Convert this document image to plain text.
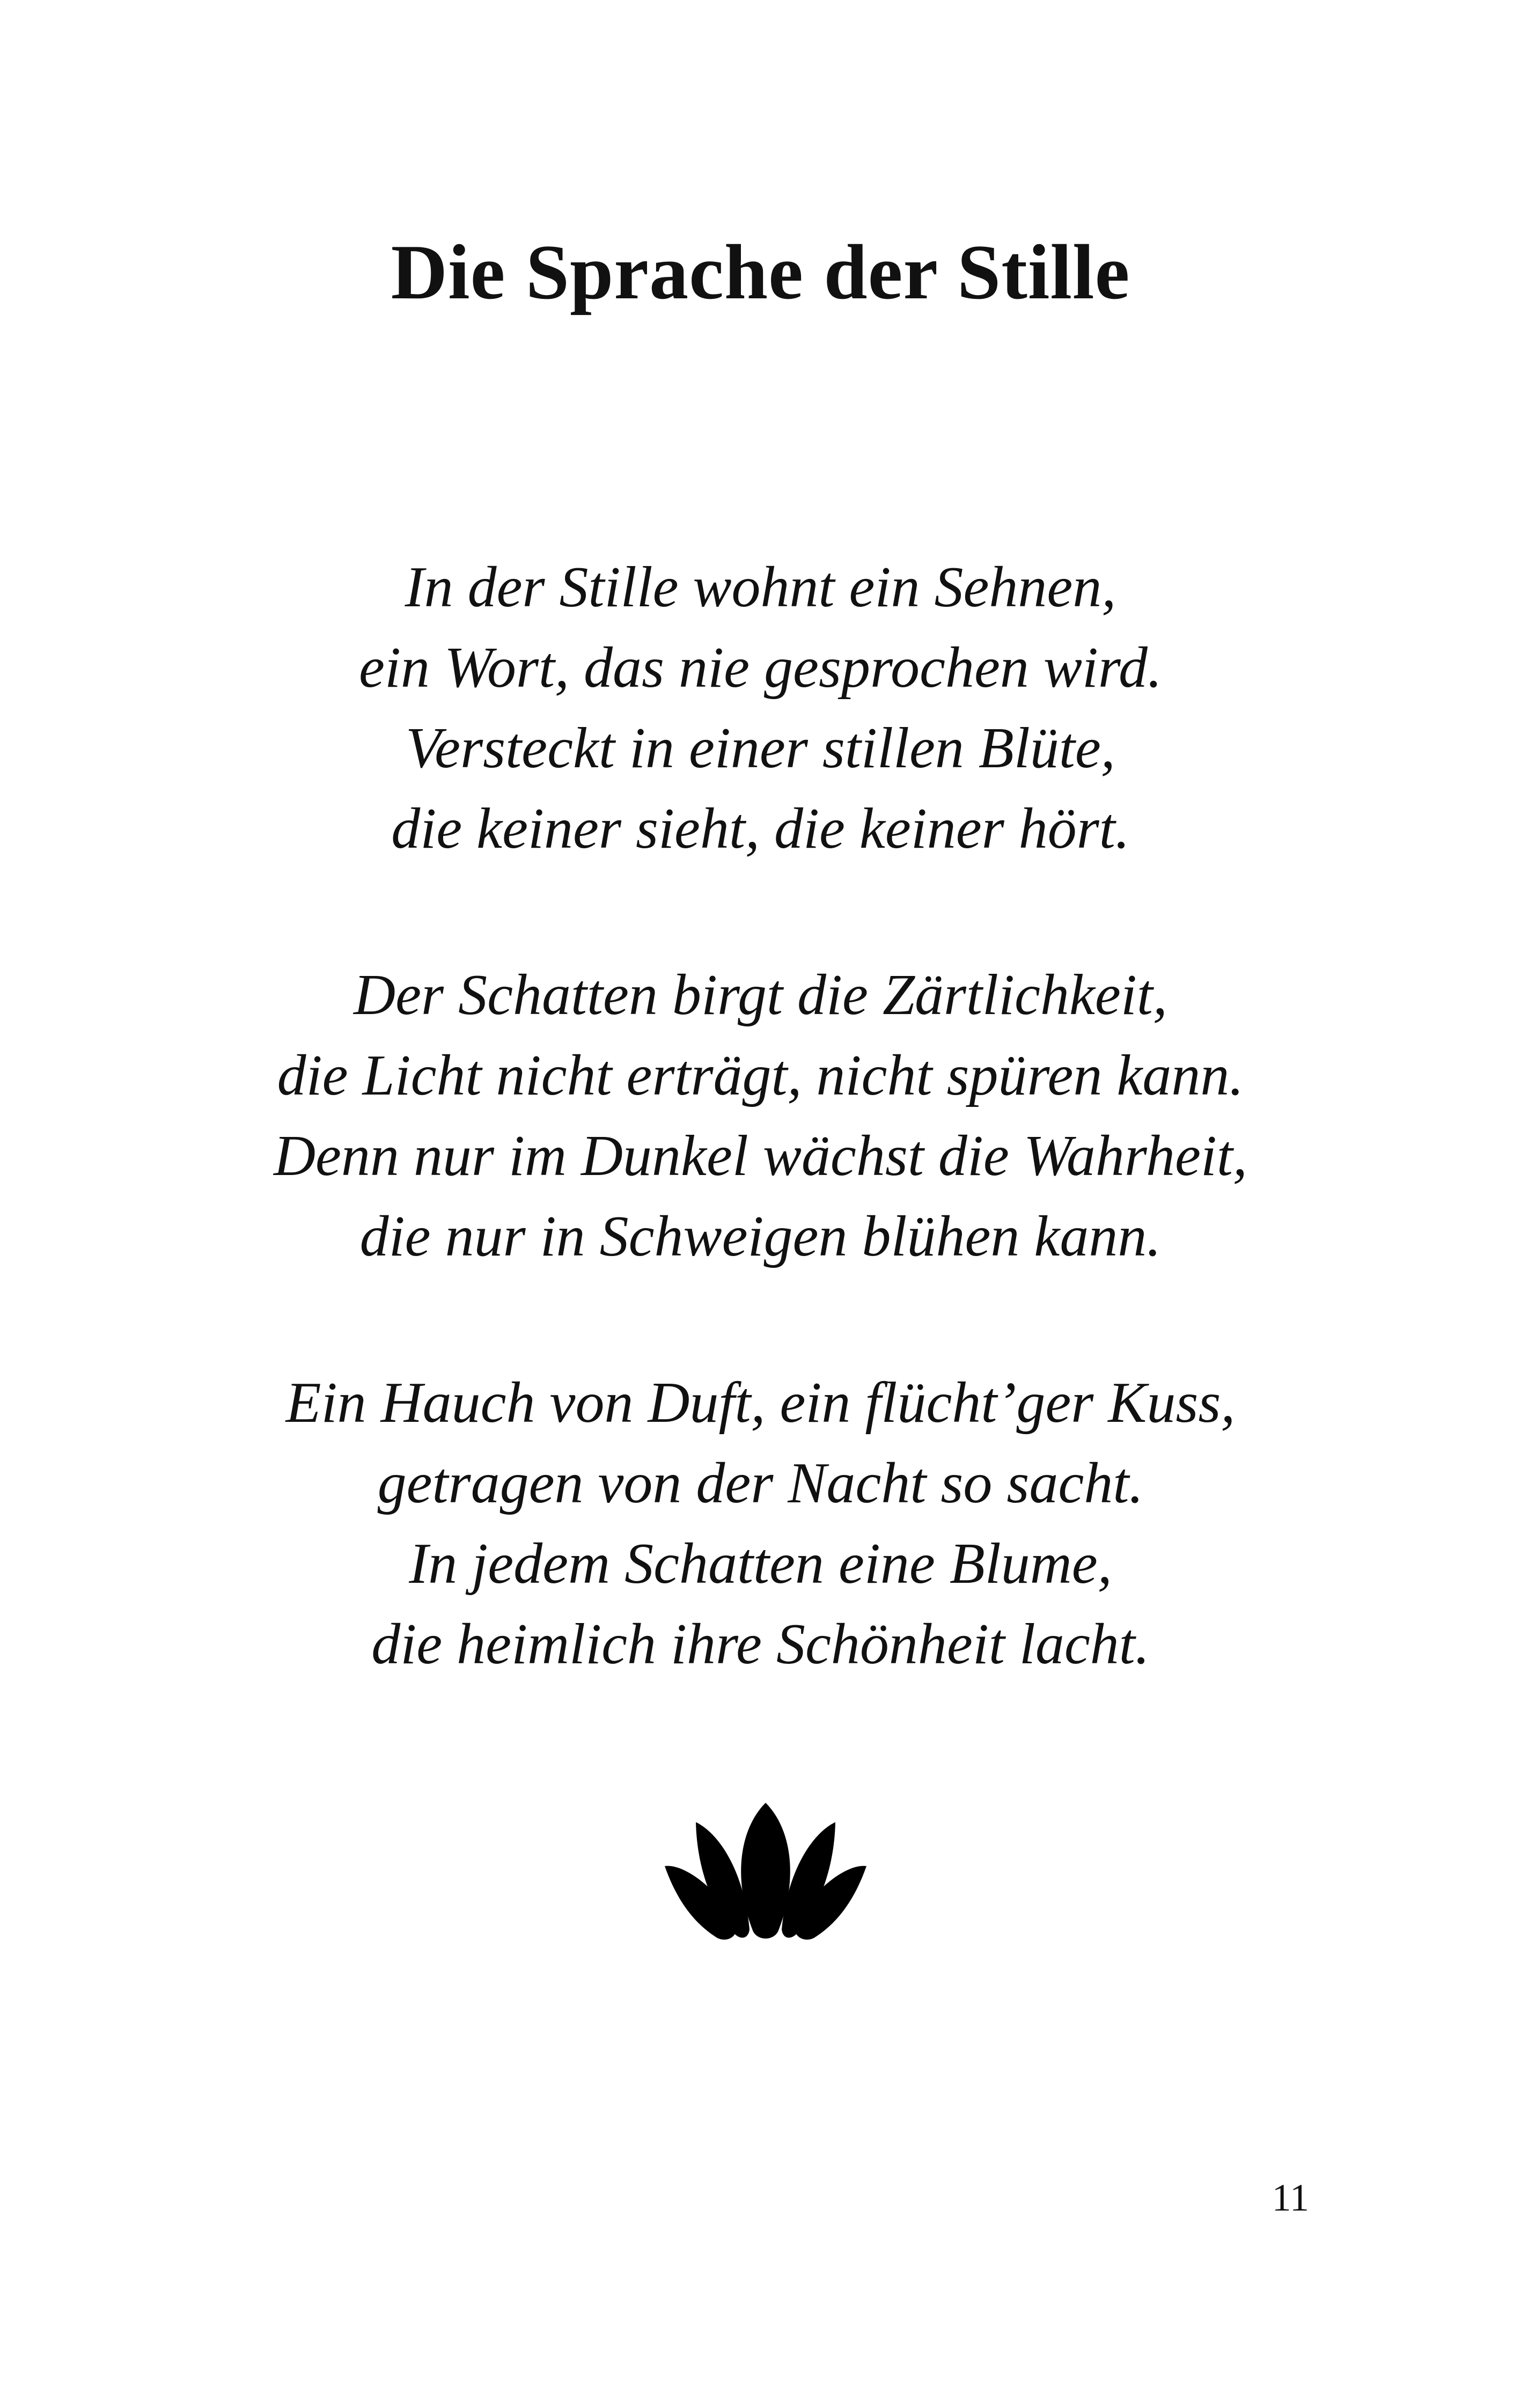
Die Sprache der Stille

In der Stille wohnt ein Sehnen,
ein Wort, das nie gesprochen wird.
Versteckt in einer stillen Blüte,
die keiner sieht, die keiner hört.

Der Schatten birgt die Zärtlichkeit,
die Licht nicht erträgt, nicht spüren kann.
Denn nur im Dunkel wächst die Wahrheit,
die nur in Schweigen blühen kann.

Ein Hauch von Duft, ein flücht’ger Kuss,
getragen von der Nacht so sacht.
In jedem Schatten eine Blume,
die heimlich ihre Schönheit lacht.

11
